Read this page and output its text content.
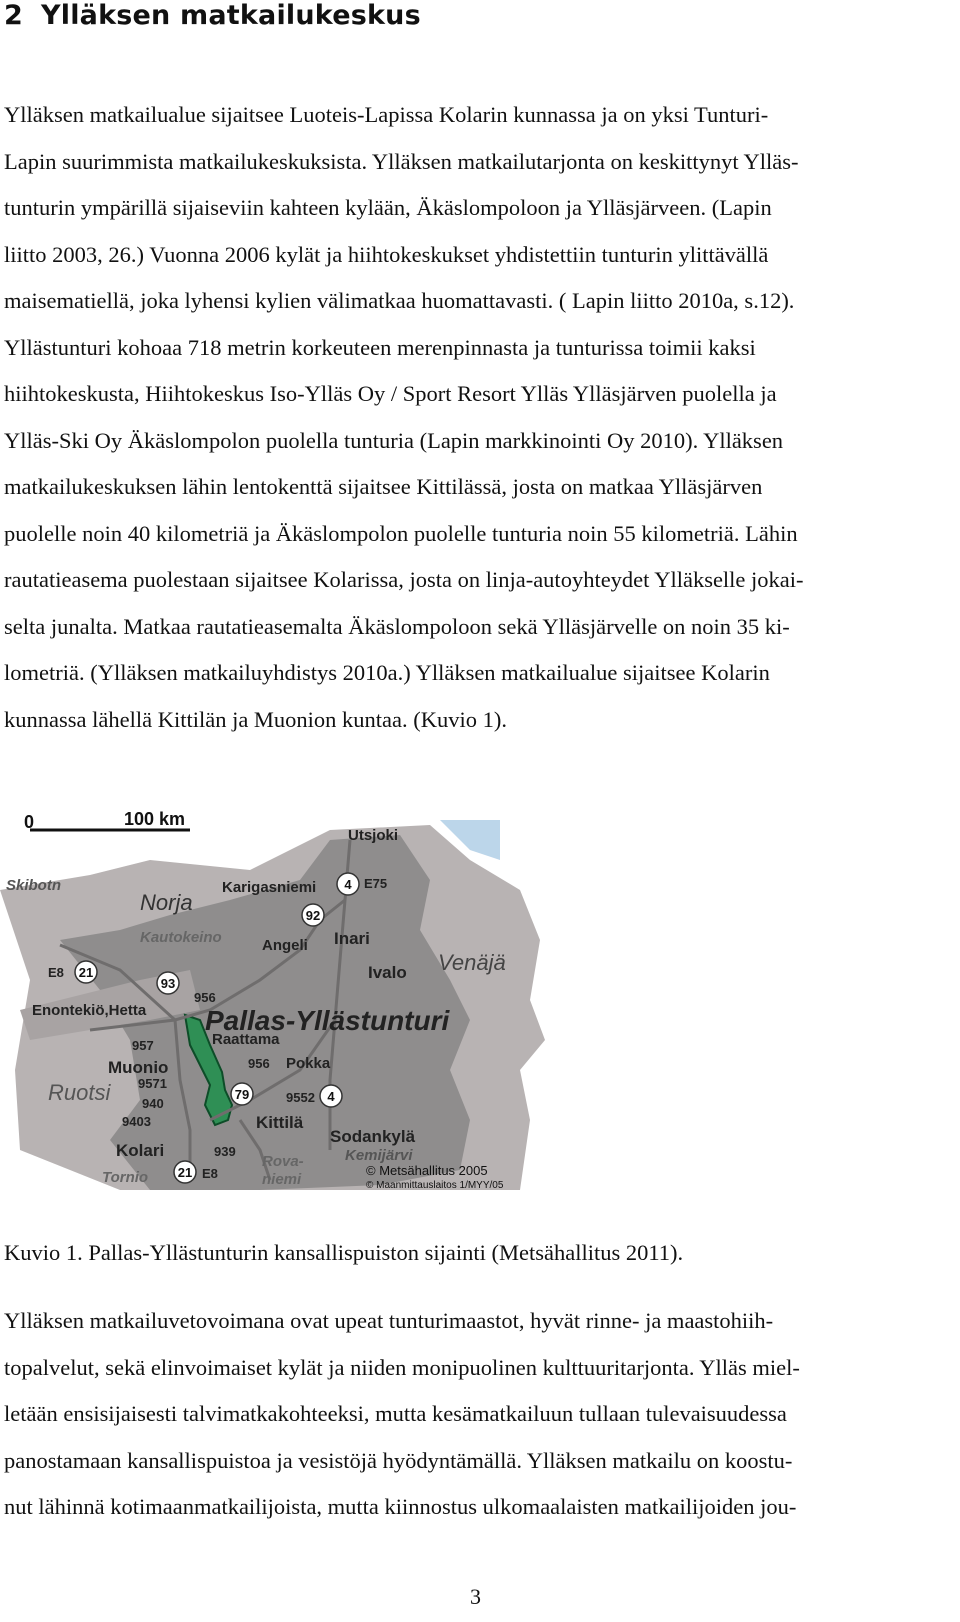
2 Ylläksen matkailukeskus
Ylläksen matkailualue sijaitsee Luoteis-Lapissa Kolarin kunnassa ja on yksi Tunturi-
Lapin suurimmista matkailukeskuksista. Ylläksen matkailutarjonta on keskittynyt Ylläs-
tunturin ympärillä sijaiseviin kahteen kylään, Äkäslompoloon ja Ylläsjärveen. (Lapin
liitto 2003, 26.) Vuonna 2006 kylät ja hiihtokeskukset yhdistettiin tunturin ylittävällä
maisematiellä, joka lyhensi kylien välimatkaa huomattavasti. ( Lapin liitto 2010a, s.12).
Yllästunturi kohoaa 718 metrin korkeuteen merenpinnasta ja tunturissa toimii kaksi
hiihtokeskusta, Hiihtokeskus Iso-Ylläs Oy / Sport Resort Ylläs Ylläsjärven puolella ja
Ylläs-Ski Oy Äkäslompolon puolella tunturia (Lapin markkinointi Oy 2010). Ylläksen
matkailukeskuksen lähin lentokenttä sijaitsee Kittilässä, josta on matkaa Ylläsjärven
puolelle noin 40 kilometriä ja Äkäslompolon puolelle tunturia noin 55 kilometriä. Lähin
rautatieasema puolestaan sijaitsee Kolarissa, josta on linja-autoyhteydet Ylläkselle jokai-
selta junalta. Matkaa rautatieasemalta Äkäslompoloon sekä Ylläsjärvelle on noin 35 ki-
lometriä. (Ylläksen matkailuyhdistys 2010a.) Ylläksen matkailualue sijaitsee Kolarin
kunnassa lähellä Kittilän ja Muonion kuntaa. (Kuvio 1).
0	100 km
Norja
Ruotsi
Venäjä
Pallas-Yllästunturi
Utsjoki
Karigasniemi
Skibotn
Kautokeino	Angeli Inari
Ivalo
Enontekiö,Hetta
Raattama
Muonio	Pokka
Kittilä
Sodankylä
Kemijärvi
Kolari
Tornio
Rova-
niemi
4
92
93
21
79	4
21
E75
E8
E8
956
956
957
9571
940
9403
939
9552
© Metsähallitus 2005
© Maanmittauslaitos 1/MYY/05
Kuvio 1. Pallas-Yllästunturin kansallispuiston sijainti (Metsähallitus 2011).
Ylläksen matkailuvetovoimana ovat upeat tunturimaastot, hyvät rinne- ja maastohiih-
topalvelut, sekä elinvoimaiset kylät ja niiden monipuolinen kulttuuritarjonta. Ylläs miel-
letään ensisijaisesti talvimatkakohteeksi, mutta kesämatkailuun tullaan tulevaisuudessa
panostamaan kansallispuistoa ja vesistöjä hyödyntämällä. Ylläksen matkailu on koostu-
nut lähinnä kotimaanmatkailijoista, mutta kiinnostus ulkomaalaisten matkailijoiden jou-
3
